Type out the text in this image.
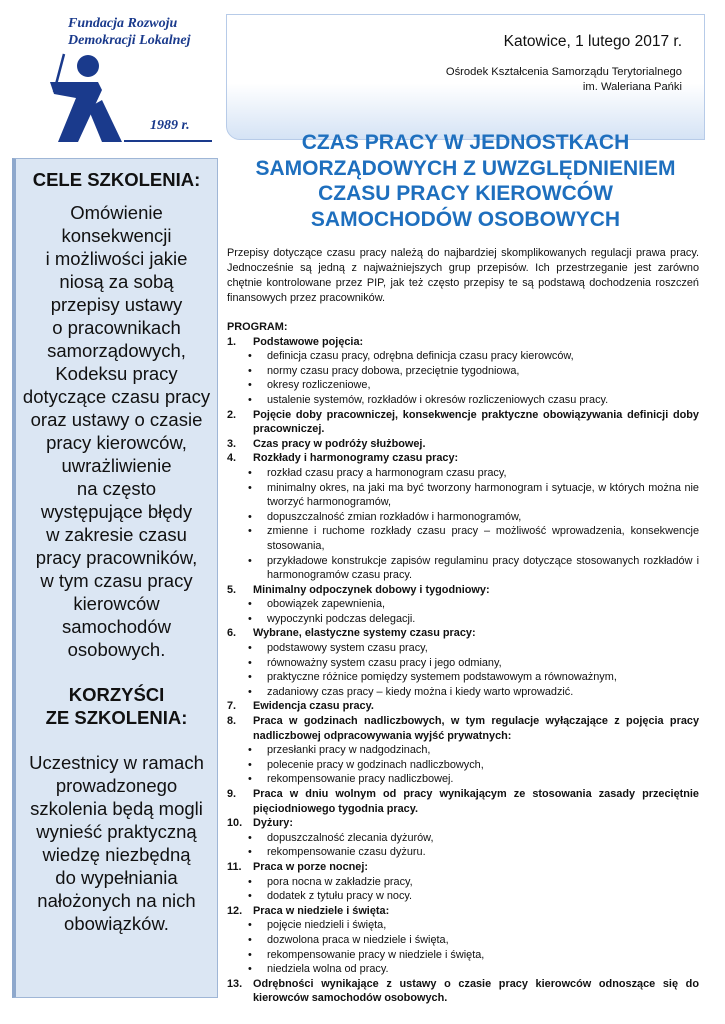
Fundacja Rozwoju
Demokracji Lokalnej
1989 r.
Katowice, 1 lutego 2017 r.
Ośrodek Kształcenia Samorządu Terytorialnego
im. Waleriana Pańki
CZAS PRACY W JEDNOSTKACH
SAMORZĄDOWYCH Z UWZGLĘDNIENIEM
CZASU PRACY KIEROWCÓW
SAMOCHODÓW OSOBOWYCH
CELE SZKOLENIA:
Omówienie
konsekwencji
i możliwości jakie
niosą za sobą
przepisy ustawy
o pracownikach
samorządowych,
Kodeksu pracy
dotyczące czasu pracy
oraz ustawy o czasie
pracy kierowców,
uwrażliwienie
na często
występujące błędy
w zakresie czasu
pracy pracowników,
w tym czasu pracy
kierowców
samochodów
osobowych.
KORZYŚCI
ZE SZKOLENIA:
Uczestnicy w ramach
prowadzonego
szkolenia będą mogli
wynieść praktyczną
wiedzę niezbędną
do wypełniania
nałożonych na nich
obowiązków.
Przepisy dotyczące czasu pracy należą do najbardziej skomplikowanych regulacji prawa pracy. Jednocześnie są jedną z najważniejszych grup przepisów. Ich przestrzeganie jest zarówno chętnie kontrolowane przez PIP, jak też często przepisy te są podstawą dochodzenia roszczeń finansowych przez pracowników.
PROGRAM:
1. Podstawowe pojęcia:
• definicja czasu pracy, odrębna definicja czasu pracy kierowców,
• normy czasu pracy dobowa, przeciętnie tygodniowa,
• okresy rozliczeniowe,
• ustalenie systemów, rozkładów i okresów rozliczeniowych czasu pracy.
2. Pojęcie doby pracowniczej, konsekwencje praktyczne obowiązywania definicji doby pracowniczej.
3. Czas pracy w podróży służbowej.
4. Rozkłady i harmonogramy czasu pracy:
• rozkład czasu pracy a harmonogram czasu pracy,
• minimalny okres, na jaki ma być tworzony harmonogram i sytuacje, w których można nie tworzyć harmonogramów,
• dopuszczalność zmian rozkładów i harmonogramów,
• zmienne i ruchome rozkłady czasu pracy – możliwość wprowadzenia, konsekwencje stosowania,
• przykładowe konstrukcje zapisów regulaminu pracy dotyczące stosowanych rozkładów i harmonogramów czasu pracy.
5. Minimalny odpoczynek dobowy i tygodniowy:
• obowiązek zapewnienia,
• wypoczynki podczas delegacji.
6. Wybrane, elastyczne systemy czasu pracy:
• podstawowy system czasu pracy,
• równoważny system czasu pracy i jego odmiany,
• praktyczne różnice pomiędzy systemem podstawowym a równoważnym,
• zadaniowy czas pracy – kiedy można i kiedy warto wprowadzić.
7. Ewidencja czasu pracy.
8. Praca w godzinach nadliczbowych, w tym regulacje wyłączające z pojęcia pracy nadliczbowej odpracowywania wyjść prywatnych:
• przesłanki pracy w nadgodzinach,
• polecenie pracy w godzinach nadliczbowych,
• rekompensowanie pracy nadliczbowej.
9. Praca w dniu wolnym od pracy wynikającym ze stosowania zasady przeciętnie pięciodniowego tygodnia pracy.
10. Dyżury:
• dopuszczalność zlecania dyżurów,
• rekompensowanie czasu dyżuru.
11. Praca w porze nocnej:
• pora nocna w zakładzie pracy,
• dodatek z tytułu pracy w nocy.
12. Praca w niedziele i święta:
• pojęcie niedzieli i święta,
• dozwolona praca w niedziele i święta,
• rekompensowanie pracy w niedziele i święta,
• niedziela wolna od pracy.
13. Odrębności wynikające z ustawy o czasie pracy kierowców odnoszące się do kierowców samochodów osobowych.
